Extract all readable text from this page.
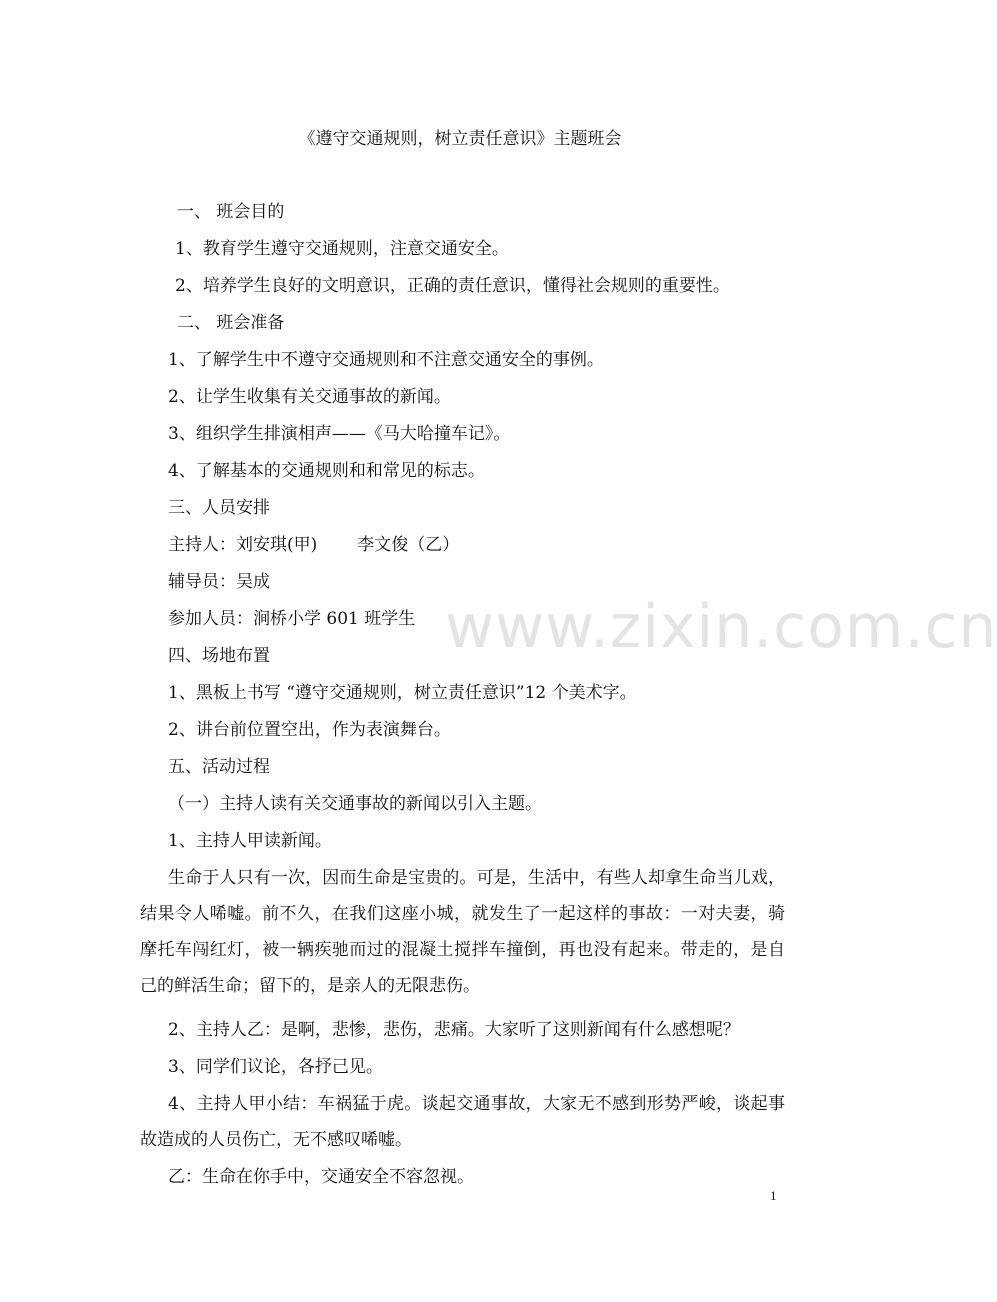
《遵守交通规则，树立责任意识》主题班会
一、 班会目的
1、教育学生遵守交通规则，注意交通安全。
2、培养学生良好的文明意识，正确的责任意识，懂得社会规则的重要性。
二、 班会准备
1、了解学生中不遵守交通规则和不注意交通安全的事例。
2、让学生收集有关交通事故的新闻。
3、组织学生排演相声——《马大哈撞车记》。
4、了解基本的交通规则和和常见的标志。
三、人员安排
主持人：刘安琪(甲) 李文俊（乙）
辅导员：吴成
参加人员：涧桥小学 601 班学生
四、场地布置
1、黑板上书写 “遵守交通规则，树立责任意识”12 个美术字。
2、讲台前位置空出，作为表演舞台。
五、活动过程
（一）主持人读有关交通事故的新闻以引入主题。
1、主持人甲读新闻。
生命于人只有一次，因而生命是宝贵的。可是，生活中，有些人却拿生命当儿戏，结果令人唏嘘。前不久，在我们这座小城，就发生了一起这样的事故：一对夫妻，骑摩托车闯红灯，被一辆疾驰而过的混凝土搅拌车撞倒，再也没有起来。带走的，是自己的鲜活生命；留下的，是亲人的无限悲伤。
2、主持人乙：是啊，悲惨，悲伤，悲痛。大家听了这则新闻有什么感想呢？
3、同学们议论，各抒己见。
4、主持人甲小结：车祸猛于虎。谈起交通事故，大家无不感到形势严峻，谈起事故造成的人员伤亡，无不感叹唏嘘。
乙：生命在你手中，交通安全不容忽视。
www.zixin.com.cn
1
